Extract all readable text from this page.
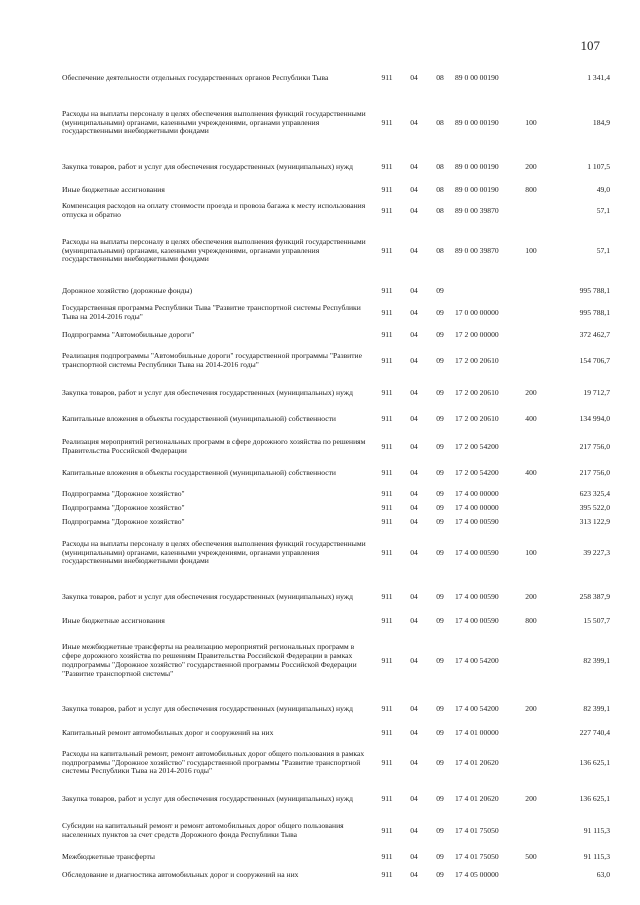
107
Обеспечение деятельности отдельных государственных органов Республики Тыва	911	04	08	89 0 00 00190		1 341,4

Расходы на выплаты персоналу в целях обеспечения выполнения функций государственными (муниципальными) органами, казенными учреждениями, органами управления государственными внебюджетными фондами	911	04	08	89 0 00 00190	100	184,9

Закупка товаров, работ и услуг для обеспечения государственных (муниципальных) нужд	911	04	08	89 0 00 00190	200	1 107,5

Иные бюджетные ассигнования	911	04	08	89 0 00 00190	800	49,0

Компенсация расходов на оплату стоимости проезда и провоза багажа к месту использования отпуска и обратно	911	04	08	89 0 00 39870		57,1

Расходы на выплаты персоналу в целях обеспечения выполнения функций государственными (муниципальными) органами, казенными учреждениями, органами управления государственными внебюджетными фондами	911	04	08	89 0 00 39870	100	57,1

Дорожное хозяйство (дорожные фонды)	911	04	09			995 788,1

Государственная программа Республики Тыва "Развитие транспортной системы Республики Тыва на 2014-2016 годы"	911	04	09	17 0 00 00000		995 788,1

Подпрограмма "Автомобильные дороги"	911	04	09	17 2 00 00000		372 462,7

Реализация подпрограммы "Автомобильные дороги" государственной программы "Развитие транспортной системы Республики Тыва на 2014-2016 годы"	911	04	09	17 2 00 20610		154 706,7

Закупка товаров, работ и услуг для обеспечения государственных (муниципальных) нужд	911	04	09	17 2 00 20610	200	19 712,7

Капитальные вложения в объекты государственной (муниципальной) собственности	911	04	09	17 2 00 20610	400	134 994,0

Реализация мероприятий региональных программ в сфере дорожного хозяйства по решениям Правительства Российской Федерации	911	04	09	17 2 00 54200		217 756,0

Капитальные вложения в объекты государственной (муниципальной) собственности	911	04	09	17 2 00 54200	400	217 756,0

Подпрограмма "Дорожное хозяйство"	911	04	09	17 4 00 00000		623 325,4

Подпрограмма "Дорожное хозяйство"	911	04	09	17 4 00 00000		395 522,0

Подпрограмма "Дорожное хозяйство"	911	04	09	17 4 00 00590		313 122,9

Расходы на выплаты персоналу в целях обеспечения выполнения функций государственными (муниципальными) органами, казенными учреждениями, органами управления государственными внебюджетными фондами	911	04	09	17 4 00 00590	100	39 227,3

Закупка товаров, работ и услуг для обеспечения государственных (муниципальных) нужд	911	04	09	17 4 00 00590	200	258 387,9

Иные бюджетные ассигнования	911	04	09	17 4 00 00590	800	15 507,7

Иные межбюджетные трансферты на реализацию мероприятий региональных программ в сфере дорожного хозяйства по решениям Правительства Российской Федерации в рамках подпрограммы "Дорожное хозяйство" государственной программы Российской Федерации "Развитие транспортной системы"	911	04	09	17 4 00 54200		82 399,1

Закупка товаров, работ и услуг для обеспечения государственных (муниципальных) нужд	911	04	09	17 4 00 54200	200	82 399,1

Капитальный ремонт автомобильных дорог и сооружений на них	911	04	09	17 4 01 00000		227 740,4

Расходы на капитальный ремонт, ремонт автомобильных дорог общего пользования в рамках подпрограммы "Дорожное хозяйство" государственной программы "Развитие транспортной системы Республики Тыва на 2014-2016 годы"	911	04	09	17 4 01 20620		136 625,1

Закупка товаров, работ и услуг для обеспечения государственных (муниципальных) нужд	911	04	09	17 4 01 20620	200	136 625,1

Субсидии на капитальный ремонт и ремонт автомобильных дорог общего пользования населенных пунктов за счет средств Дорожного фонда Республики Тыва	911	04	09	17 4 01 75050		91 115,3

Межбюджетные трансферты	911	04	09	17 4 01 75050	500	91 115,3

Обследование и диагностика автомобильных дорог и сооружений на них	911	04	09	17 4 05 00000		63,0
